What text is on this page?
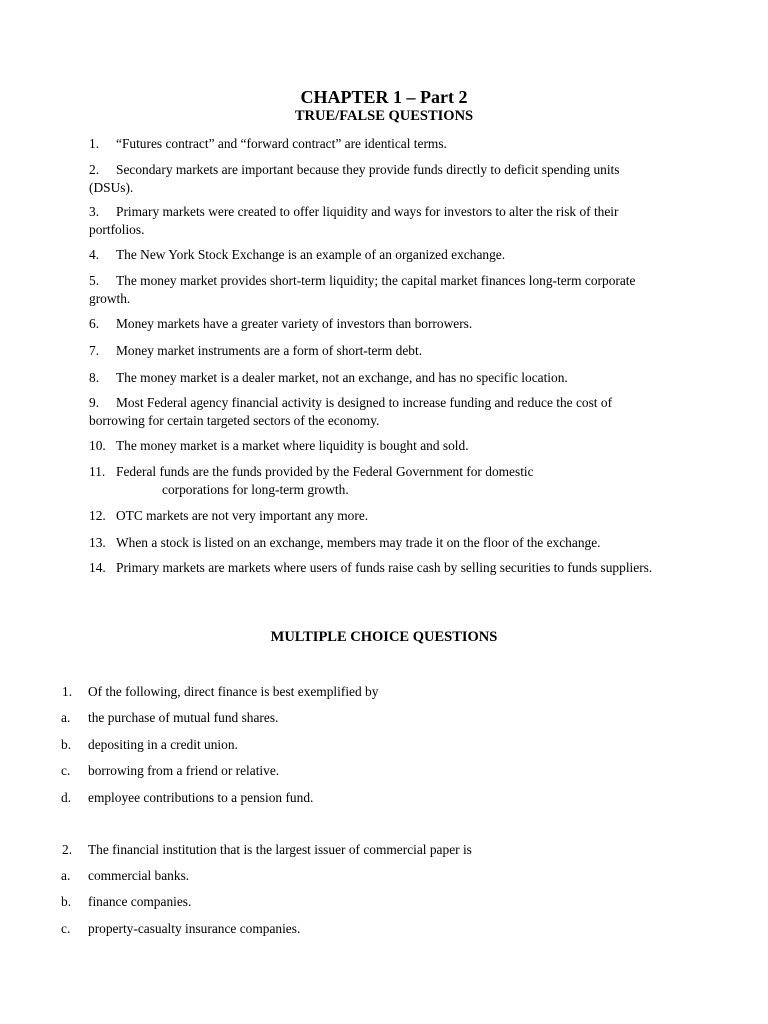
CHAPTER 1 – Part 2
TRUE/FALSE QUESTIONS
1. “Futures contract” and “forward contract” are identical terms.
2. Secondary markets are important because they provide funds directly to deficit spending units (DSUs).
3. Primary markets were created to offer liquidity and ways for investors to alter the risk of their portfolios.
4. The New York Stock Exchange is an example of an organized exchange.
5. The money market provides short-term liquidity; the capital market finances long-term corporate growth.
6. Money markets have a greater variety of investors than borrowers.
7. Money market instruments are a form of short-term debt.
8. The money market is a dealer market, not an exchange, and has no specific location.
9. Most Federal agency financial activity is designed to increase funding and reduce the cost of borrowing for certain targeted sectors of the economy.
10. The money market is a market where liquidity is bought and sold.
11. Federal funds are the funds provided by the Federal Government for domestic
corporations for long-term growth.
12. OTC markets are not very important any more.
13. When a stock is listed on an exchange, members may trade it on the floor of the exchange.
14. Primary markets are markets where users of funds raise cash by selling securities to funds suppliers.
MULTIPLE CHOICE QUESTIONS
1. Of the following, direct finance is best exemplified by
a. the purchase of mutual fund shares.
b. depositing in a credit union.
c. borrowing from a friend or relative.
d. employee contributions to a pension fund.
2. The financial institution that is the largest issuer of commercial paper is
a. commercial banks.
b. finance companies.
c. property-casualty insurance companies.
